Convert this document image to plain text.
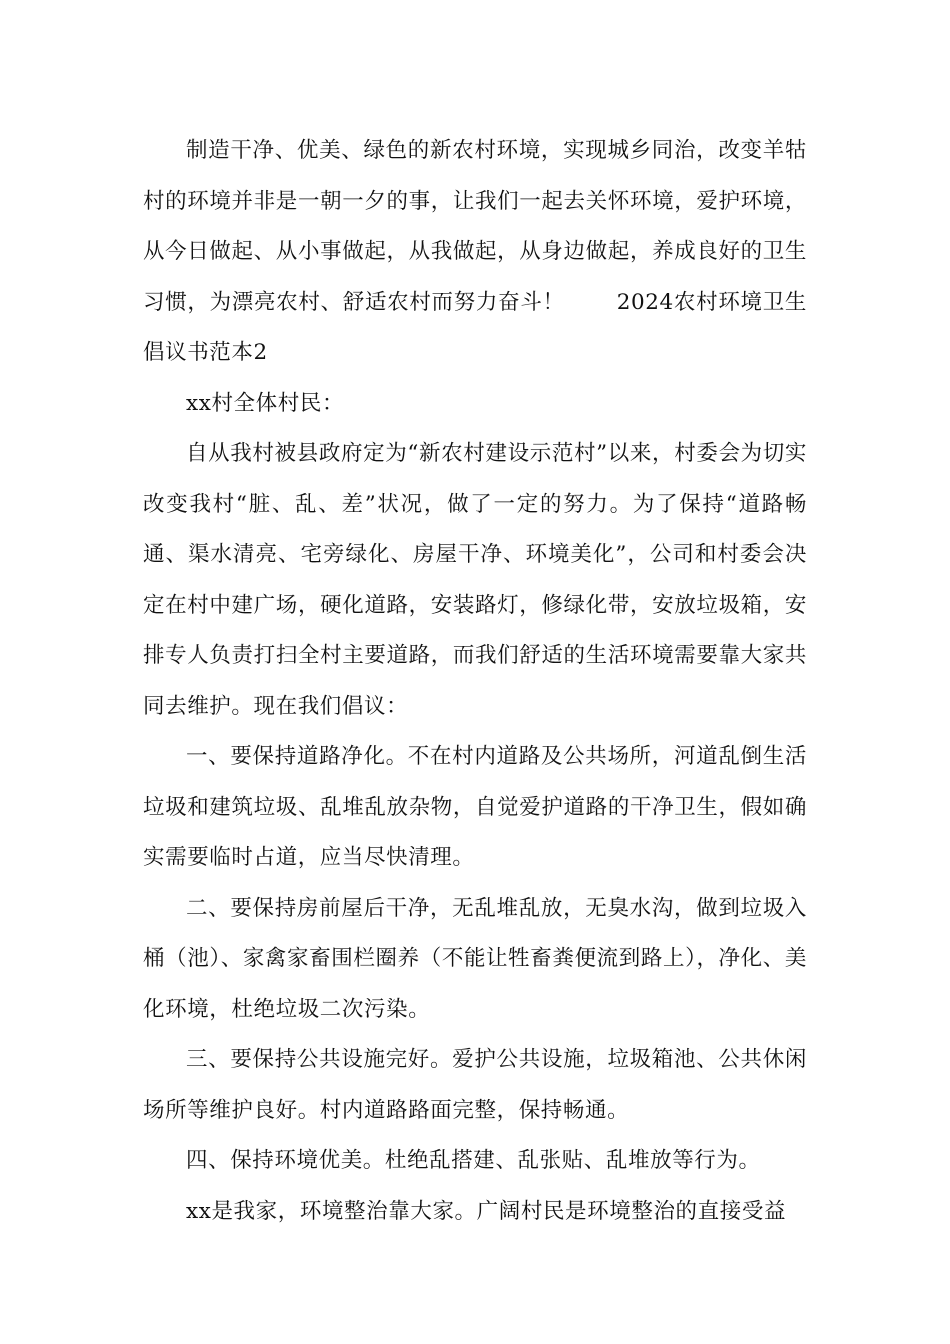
制造干净、优美、绿色的新农村环境，实现城乡同治，改变羊牯村的环境并非是一朝一夕的事，让我们一起去关怀环境，爱护环境，从今日做起、从小事做起，从我做起，从身边做起，养成良好的卫生习惯，为漂亮农村、舒适农村而努力奋斗！ 2024农村环境卫生倡议书范本2

xx村全体村民：

自从我村被县政府定为“新农村建设示范村”以来，村委会为切实改变我村“脏、乱、差”状况，做了一定的努力。为了保持“道路畅通、渠水清亮、宅旁绿化、房屋干净、环境美化”，公司和村委会决定在村中建广场，硬化道路，安装路灯，修绿化带，安放垃圾箱，安排专人负责打扫全村主要道路，而我们舒适的生活环境需要靠大家共同去维护。现在我们倡议：

一、要保持道路净化。不在村内道路及公共场所，河道乱倒生活垃圾和建筑垃圾、乱堆乱放杂物，自觉爱护道路的干净卫生，假如确实需要临时占道，应当尽快清理。

二、要保持房前屋后干净，无乱堆乱放，无臭水沟，做到垃圾入桶（池）、家禽家畜围栏圈养（不能让牲畜粪便流到路上），净化、美化环境，杜绝垃圾二次污染。

三、要保持公共设施完好。爱护公共设施，垃圾箱池、公共休闲场所等维护良好。村内道路路面完整，保持畅通。

四、保持环境优美。杜绝乱搭建、乱张贴、乱堆放等行为。

xx是我家，环境整治靠大家。广阔村民是环境整治的直接受益
